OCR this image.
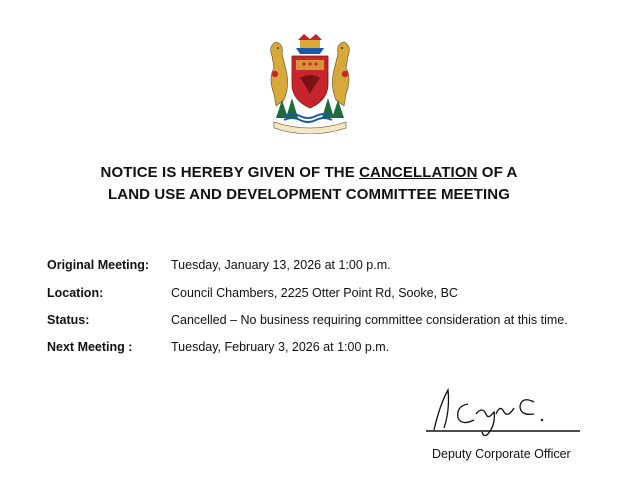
NOTICE IS HEREBY GIVEN OF THE CANCELLATION OF A
LAND USE AND DEVELOPMENT COMMITTEE MEETING
Original Meeting: Tuesday, January 13, 2026 at 1:00 p.m.
Location:	Council Chambers, 2225 Otter Point Rd, Sooke, BC
Status:	Cancelled – No business requiring committee consideration at this time.
Next Meeting :	Tuesday, February 3, 2026 at 1:00 p.m.
Deputy Corporate Officer
